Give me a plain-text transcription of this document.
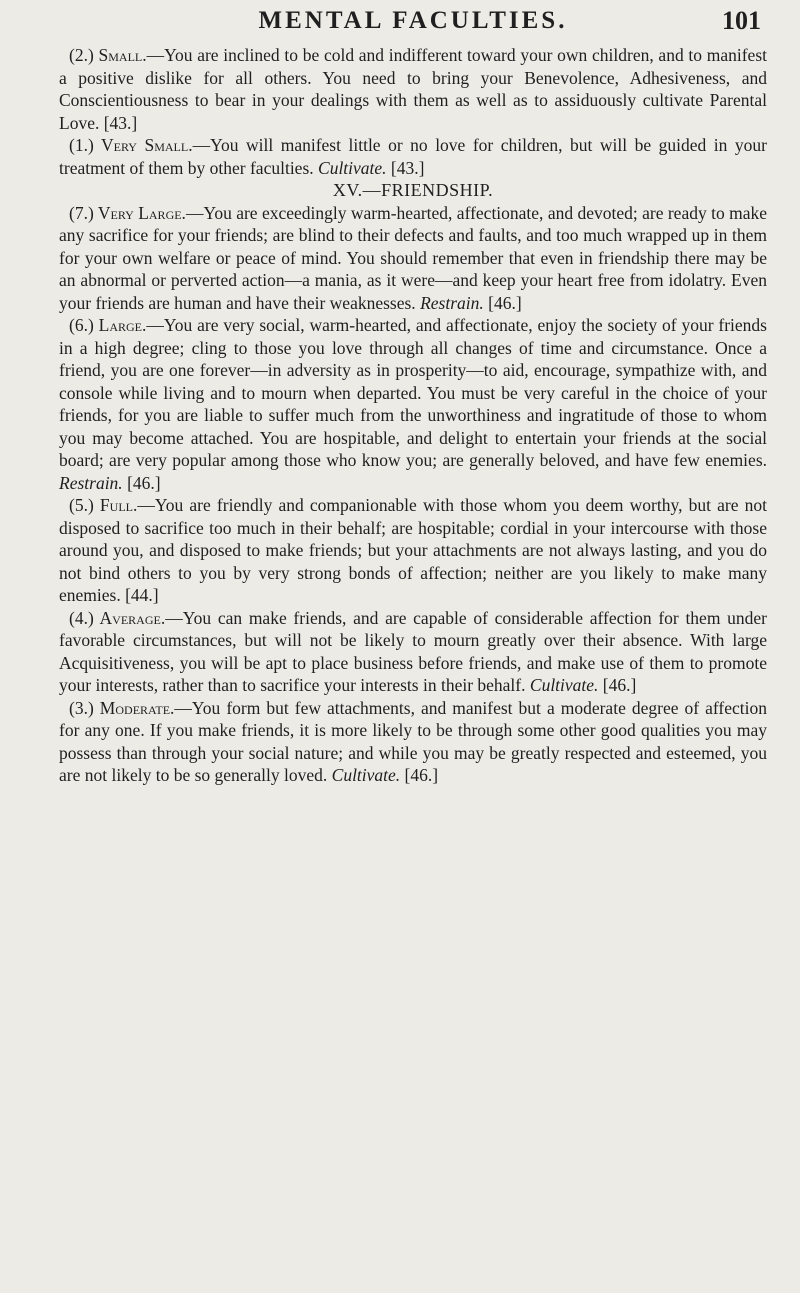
MENTAL FACULTIES.	101

(2.) Small.—You are inclined to be cold and indifferent toward your own children, and to manifest a positive dislike for all others. You need to bring your Benevolence, Adhesiveness, and Conscientiousness to bear in your dealings with them as well as to assiduously cultivate Parental Love. [43.]

(1.) Very Small.—You will manifest little or no love for children, but will be guided in your treatment of them by other faculties. Cultivate. [43.]

XV.—FRIENDSHIP.

(7.) Very Large.—You are exceedingly warm-hearted, affectionate, and devoted; are ready to make any sacrifice for your friends; are blind to their defects and faults, and too much wrapped up in them for your own welfare or peace of mind. You should remember that even in friendship there may be an abnormal or perverted action—a mania, as it were—and keep your heart free from idolatry. Even your friends are human and have their weaknesses. Restrain. [46.]

(6.) Large.—You are very social, warm-hearted, and affectionate, enjoy the society of your friends in a high degree; cling to those you love through all changes of time and circumstance. Once a friend, you are one forever—in adversity as in prosperity—to aid, encourage, sympathize with, and console while living and to mourn when departed. You must be very careful in the choice of your friends, for you are liable to suffer much from the unworthiness and ingratitude of those to whom you may become attached. You are hospitable, and delight to entertain your friends at the social board; are very popular among those who know you; are generally beloved, and have few enemies. Restrain. [46.]

(5.) Full.—You are friendly and companionable with those whom you deem worthy, but are not disposed to sacrifice too much in their behalf; are hospitable; cordial in your intercourse with those around you, and disposed to make friends; but your attachments are not always lasting, and you do not bind others to you by very strong bonds of affection; neither are you likely to make many enemies. [44.]

(4.) Average.—You can make friends, and are capable of considerable affection for them under favorable circumstances, but will not be likely to mourn greatly over their absence. With large Acquisitiveness, you will be apt to place business before friends, and make use of them to promote your interests, rather than to sacrifice your interests in their behalf. Cultivate. [46.]

(3.) Moderate.—You form but few attachments, and manifest but a moderate degree of affection for any one. If you make friends, it is more likely to be through some other good qualities you may possess than through your social nature; and while you may be greatly respected and esteemed, you are not likely to be so generally loved. Cultivate. [46.]
